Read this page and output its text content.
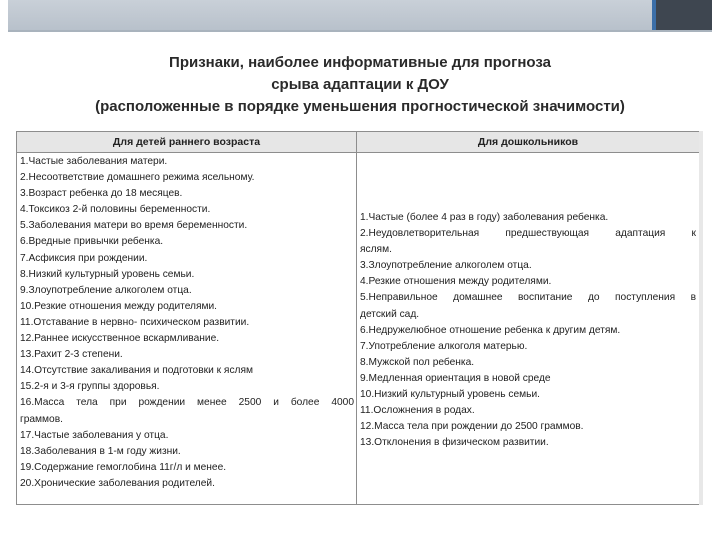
Признаки, наиболее информативные для прогноза
срыва адаптации к ДОУ
(расположенные в порядке уменьшения прогностической значимости)
Для детей раннего возраста	Для дошкольников
1.Частые заболевания матери.
2.Несоответствие домашнего режима ясельному.
3.Возраст ребенка до 18 месяцев.
4.Токсикоз 2-й половины беременности.
5.Заболевания матери во время беременности.
6.Вредные привычки ребенка.
7.Асфиксия при рождении.
8.Низкий культурный уровень семьи.
9.Злоупотребление алкоголем отца.
10.Резкие отношения между родителями.
11.Отставание в нервно- психическом развитии.
12.Раннее искусственное вскармливание.
13.Рахит 2-3 степени.
14.Отсутствие закаливания и подготовки к яслям
15.2-я и 3-я группы здоровья.
16.Масса тела при рождении менее 2500 и более 4000
граммов.
17.Частые заболевания у отца.
18.Заболевания в 1-м году жизни.
19.Содержание гемоглобина 11г/л и менее.
20.Хронические заболевания родителей.
1.Частые (более 4 раз в году) заболевания ребенка.
2.Неудовлетворительная предшествующая адаптация к
яслям.
3.Злоупотребление алкоголем отца.
4.Резкие отношения между родителями.
5.Неправильное домашнее воспитание до поступления в
детский сад.
6.Недружелюбное отношение ребенка к другим детям.
7.Употребление алкоголя матерью.
8.Мужской пол ребенка.
9.Медленная ориентация в новой среде
10.Низкий культурный уровень семьи.
11.Осложнения в родах.
12.Масса тела при рождении до 2500 граммов.
13.Отклонения в физическом развитии.
